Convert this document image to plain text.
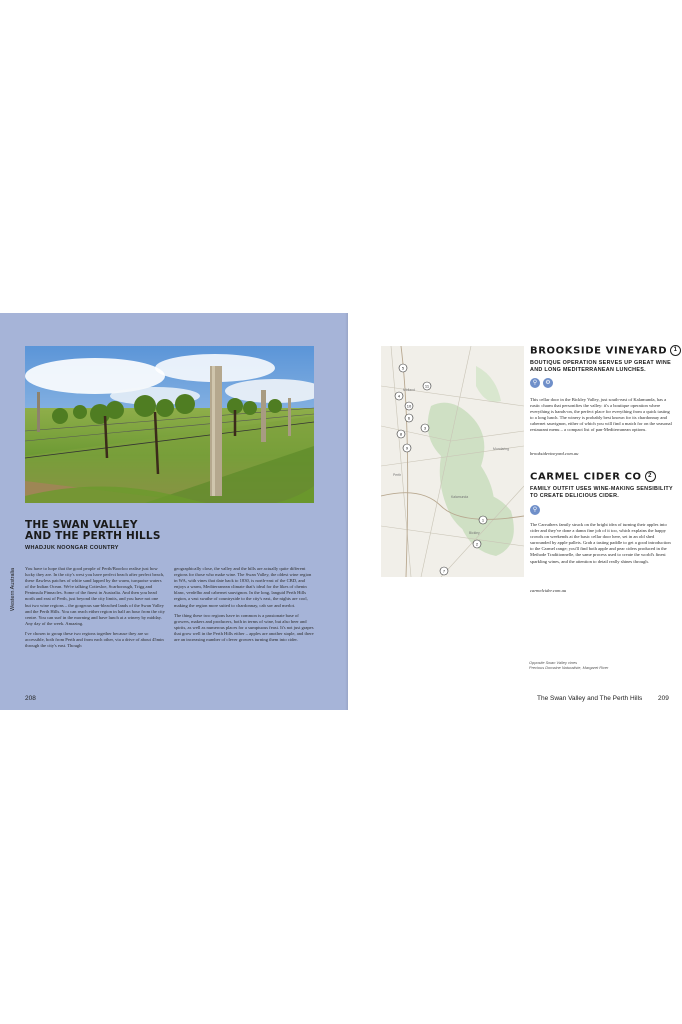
Western Australia
THE SWAN VALLEY
AND THE PERTH HILLS
WHADJUK NOONGAR COUNTRY

You have to hope that the good people of Perth/Boorloo realise just how lucky they are. In the city's west you have perfect beach after perfect beach, these flawless patches of white sand lapped by the warm, turquoise waters of the Indian Ocean. We're talking Cottesloe, Scarborough, Trigg and Peninsula Pinnacles. Some of the finest in Australia. And then you head north and east of Perth, just beyond the city limits, and you have not one but two wine regions – the gorgeous sun-bleached lands of the Swan Valley and the Perth Hills. You can reach either region in half an hour from the city centre. You can surf in the morning and have lunch at a winery by midday. Any day of the week. Amazing.

I've chosen to group these two regions together because they are so accessible, both from Perth and from each other, via a drive of about 45min through the city's east. Though

geographically close, the valley and the hills are actually quite different regions for those who make wine. The Swan Valley, the oldest wine region in WA, with vines that date back to 1830, is north-east of the CBD, and enjoys a warm, Mediterranean climate that's ideal for the likes of chenin blanc, verdelho and cabernet sauvignon. In the long, languid Perth Hills region, a vast swathe of countryside to the city's east, the nights are cool, making the region more suited to chardonnay, cab sav and merlot.

The thing these two regions have in common is a passionate base of growers, makers and producers, both in terms of wine, but also beer and spirits, as well as numerous places for a sumptuous feast. It's not just grapes that grow well in the Perth Hills either – apples are another staple, and there are an increasing number of clever growers turning them into cider.

208
Midland
Kalamunda
Mundaring
Perth
Bickley
5
11
4
10
6
3
8
9
1
2
7
BROOKSIDE VINEYARD 1
BOUTIQUE OPERATION SERVES UP GREAT WINE AND LONG MEDITERRANEAN LUNCHES.
⚲	⚙
This cellar door in the Bickley Valley, just south-east of Kalamunda, has a rustic charm that personifies the valley: it's a boutique operation where everything is hands-on, the perfect place for everything from a quick tasting to a long lunch. The winery is probably best known for its chardonnay and cabernet sauvignon, either of which you will find a match for on the seasonal restaurant menu – a compact list of pan-Mediterranean options.
brooksidevineyard.com.au
CARMEL CIDER CO 2
FAMILY OUTFIT USES WINE-MAKING SENSIBILITY TO CREATE DELICIOUS CIDER.
⚲
The Carruthers family struck on the bright idea of turning their apples into cider and they've done a damn fine job of it too, which explains the happy crowds on weekends at the basic cellar door here, set in an old shed surrounded by apple pallets. Grab a tasting paddle to get a good introduction to the Carmel range; you'll find both apple and pear ciders produced in the Methode Traditionnelle, the same process used to create the world's finest sparkling wines, and the attention to detail really shines through.
carmelcider.com.au
Opposite Swan Valley vines
Previous Domaine Naturaliste, Margaret River
The Swan Valley and The Perth Hills 209
